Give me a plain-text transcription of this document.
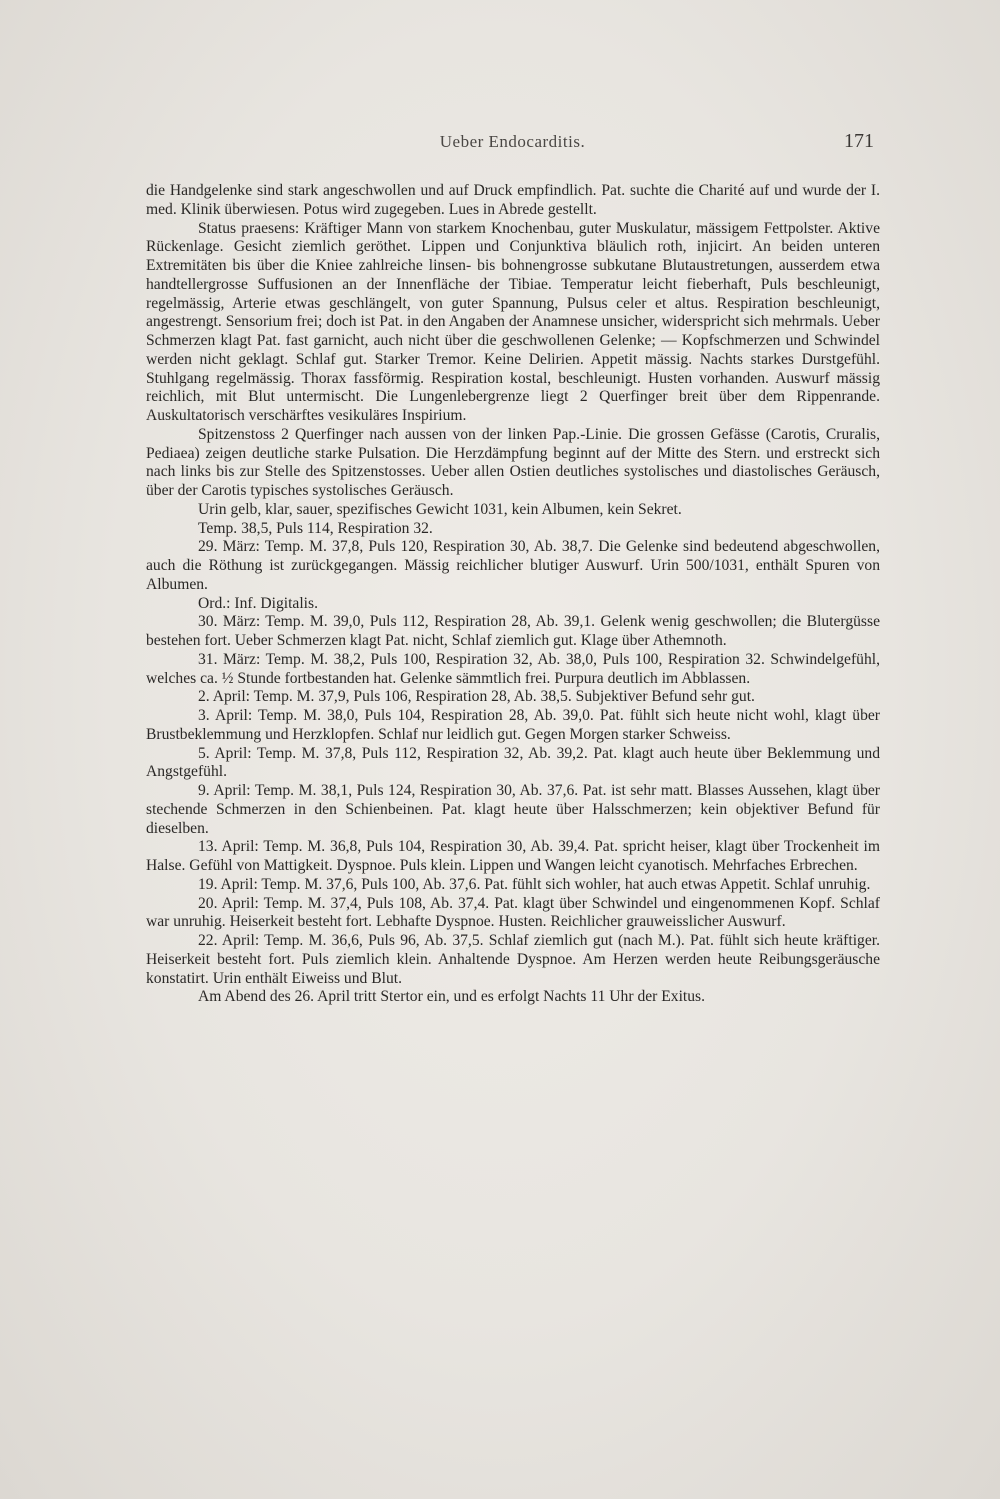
Ueber Endocarditis.	171

die Handgelenke sind stark angeschwollen und auf Druck empfindlich. Pat. suchte die Charité auf und wurde der I. med. Klinik überwiesen. Potus wird zugegeben. Lues in Abrede gestellt.

Status praesens: Kräftiger Mann von starkem Knochenbau, guter Muskulatur, mässigem Fettpolster. Aktive Rückenlage. Gesicht ziemlich geröthet. Lippen und Conjunktiva bläulich roth, injicirt. An beiden unteren Extremitäten bis über die Kniee zahlreiche linsen- bis bohnengrosse subkutane Blutaustretungen, ausserdem etwa handtellergrosse Suffusionen an der Innenfläche der Tibiae. Temperatur leicht fieberhaft, Puls beschleunigt, regelmässig, Arterie etwas geschlängelt, von guter Spannung, Pulsus celer et altus. Respiration beschleunigt, angestrengt. Sensorium frei; doch ist Pat. in den Angaben der Anamnese unsicher, widerspricht sich mehrmals. Ueber Schmerzen klagt Pat. fast garnicht, auch nicht über die geschwollenen Gelenke; — Kopfschmerzen und Schwindel werden nicht geklagt. Schlaf gut. Starker Tremor. Keine Delirien. Appetit mässig. Nachts starkes Durstgefühl. Stuhlgang regelmässig. Thorax fassförmig. Respiration kostal, beschleunigt. Husten vorhanden. Auswurf mässig reichlich, mit Blut untermischt. Die Lungenlebergrenze liegt 2 Querfinger breit über dem Rippenrande. Auskultatorisch verschärftes vesikuläres Inspirium.

Spitzenstoss 2 Querfinger nach aussen von der linken Pap.-Linie. Die grossen Gefässe (Carotis, Cruralis, Pediaea) zeigen deutliche starke Pulsation. Die Herzdämpfung beginnt auf der Mitte des Stern. und erstreckt sich nach links bis zur Stelle des Spitzenstosses. Ueber allen Ostien deutliches systolisches und diastolisches Geräusch, über der Carotis typisches systolisches Geräusch.

Urin gelb, klar, sauer, spezifisches Gewicht 1031, kein Albumen, kein Sekret.

Temp. 38,5, Puls 114, Respiration 32.

29. März: Temp. M. 37,8, Puls 120, Respiration 30, Ab. 38,7. Die Gelenke sind bedeutend abgeschwollen, auch die Röthung ist zurückgegangen. Mässig reichlicher blutiger Auswurf. Urin 500/1031, enthält Spuren von Albumen.

Ord.: Inf. Digitalis.

30. März: Temp. M. 39,0, Puls 112, Respiration 28, Ab. 39,1. Gelenk wenig geschwollen; die Blutergüsse bestehen fort. Ueber Schmerzen klagt Pat. nicht, Schlaf ziemlich gut. Klage über Athemnoth.

31. März: Temp. M. 38,2, Puls 100, Respiration 32, Ab. 38,0, Puls 100, Respiration 32. Schwindelgefühl, welches ca. ½ Stunde fortbestanden hat. Gelenke sämmtlich frei. Purpura deutlich im Abblassen.

2. April: Temp. M. 37,9, Puls 106, Respiration 28, Ab. 38,5. Subjektiver Befund sehr gut.

3. April: Temp. M. 38,0, Puls 104, Respiration 28, Ab. 39,0. Pat. fühlt sich heute nicht wohl, klagt über Brustbeklemmung und Herzklopfen. Schlaf nur leidlich gut. Gegen Morgen starker Schweiss.

5. April: Temp. M. 37,8, Puls 112, Respiration 32, Ab. 39,2. Pat. klagt auch heute über Beklemmung und Angstgefühl.

9. April: Temp. M. 38,1, Puls 124, Respiration 30, Ab. 37,6. Pat. ist sehr matt. Blasses Aussehen, klagt über stechende Schmerzen in den Schienbeinen. Pat. klagt heute über Halsschmerzen; kein objektiver Befund für dieselben.

13. April: Temp. M. 36,8, Puls 104, Respiration 30, Ab. 39,4. Pat. spricht heiser, klagt über Trockenheit im Halse. Gefühl von Mattigkeit. Dyspnoe. Puls klein. Lippen und Wangen leicht cyanotisch. Mehrfaches Erbrechen.

19. April: Temp. M. 37,6, Puls 100, Ab. 37,6. Pat. fühlt sich wohler, hat auch etwas Appetit. Schlaf unruhig.

20. April: Temp. M. 37,4, Puls 108, Ab. 37,4. Pat. klagt über Schwindel und eingenommenen Kopf. Schlaf war unruhig. Heiserkeit besteht fort. Lebhafte Dyspnoe. Husten. Reichlicher grauweisslicher Auswurf.

22. April: Temp. M. 36,6, Puls 96, Ab. 37,5. Schlaf ziemlich gut (nach M.). Pat. fühlt sich heute kräftiger. Heiserkeit besteht fort. Puls ziemlich klein. Anhaltende Dyspnoe. Am Herzen werden heute Reibungsgeräusche konstatirt. Urin enthält Eiweiss und Blut.

Am Abend des 26. April tritt Stertor ein, und es erfolgt Nachts 11 Uhr der Exitus.
